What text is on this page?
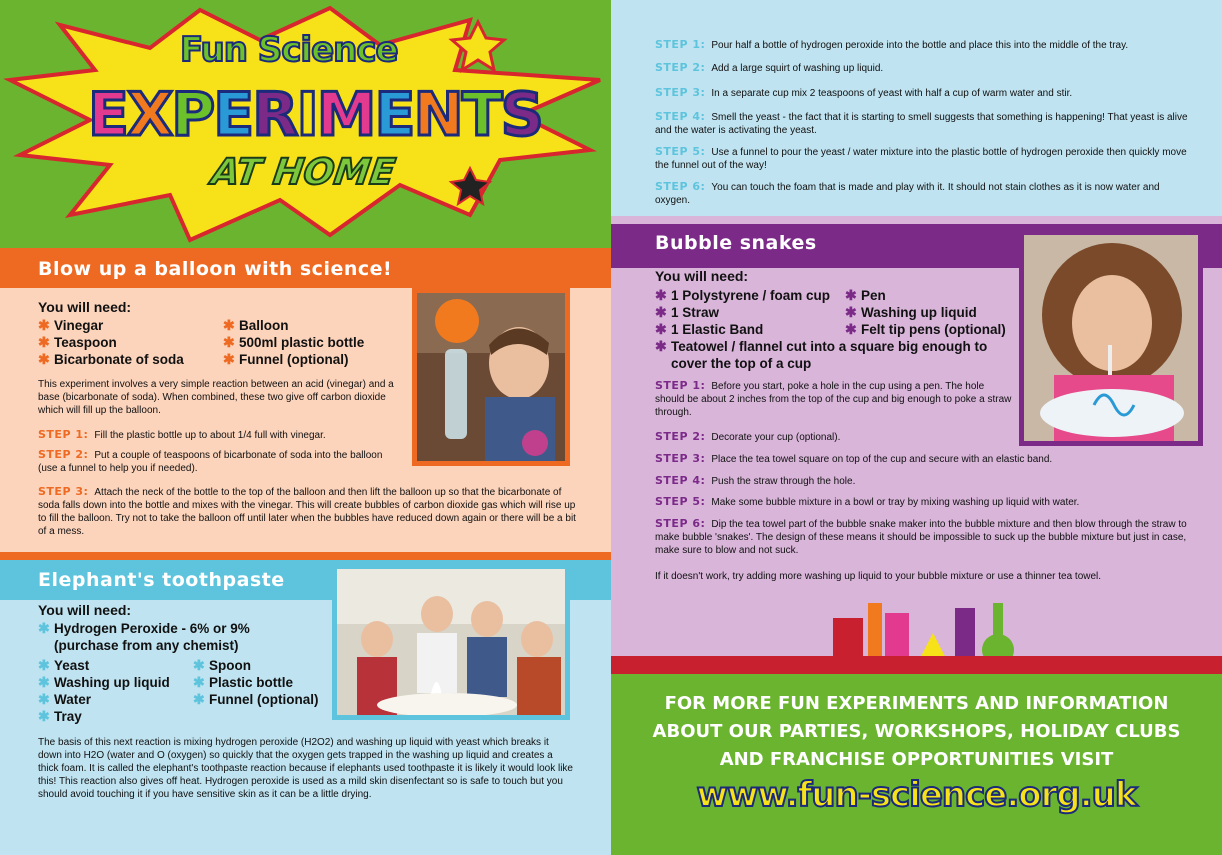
Fun Science
EXPERIMENTS
AT HOME
Blow up a balloon with science!
You will need:
✱ Vinegar
✱ Teaspoon
✱ Bicarbonate of soda
✱ Balloon
✱ 500ml plastic bottle
✱ Funnel (optional)
This experiment involves a very simple reaction between an acid (vinegar) and a base (bicarbonate of soda). When combined, these two give off carbon dioxide which will fill up the balloon.
STEP 1: Fill the plastic bottle up to about 1/4 full with vinegar.
STEP 2: Put a couple of teaspoons of bicarbonate of soda into the balloon (use a funnel to help you if needed).
STEP 3: Attach the neck of the bottle to the top of the balloon and then lift the balloon up so that the bicarbonate of soda falls down into the bottle and mixes with the vinegar. This will create bubbles of carbon dioxide gas which will rise up to fill the balloon. Try not to take the balloon off until later when the bubbles have reduced down again or there will be a bit of a mess.
Elephant's toothpaste
You will need:
✱ Hydrogen Peroxide - 6% or 9% (purchase from any chemist)
✱ Yeast
✱ Washing up liquid
✱ Water
✱ Tray
✱ Spoon
✱ Plastic bottle
✱ Funnel (optional)
The basis of this next reaction is mixing hydrogen peroxide (H2O2) and washing up liquid with yeast which breaks it down into H2O (water and O (oxygen) so quickly that the oxygen gets trapped in the washing up liquid and creates a thick foam. It is called the elephant's toothpaste reaction because if elephants used toothpaste it is likely it would look like this! This reaction also gives off heat. Hydrogen peroxide is used as a mild skin disenfectant so is safe to touch but you should avoid touching it if you have sensitive skin as it can be a little drying.
STEP 1: Pour half a bottle of hydrogen peroxide into the bottle and place this into the middle of the tray.
STEP 2: Add a large squirt of washing up liquid.
STEP 3: In a separate cup mix 2 teaspoons of yeast with half a cup of warm water and stir.
STEP 4: Smell the yeast - the fact that it is starting to smell suggests that something is happening! That yeast is alive and the water is activating the yeast.
STEP 5: Use a funnel to pour the yeast / water mixture into the plastic bottle of hydrogen peroxide then quickly move the funnel out of the way!
STEP 6: You can touch the foam that is made and play with it. It should not stain clothes as it is now water and oxygen.
Bubble snakes
You will need:
✱ 1 Polystyrene / foam cup
✱ 1 Straw
✱ 1 Elastic Band
✱ Pen
✱ Washing up liquid
✱ Felt tip pens (optional)
✱ Teatowel / flannel cut into a square big enough to cover the top of a cup
STEP 1: Before you start, poke a hole in the cup using a pen. The hole should be about 2 inches from the top of the cup and big enough to poke a straw through.
STEP 2: Decorate your cup (optional).
STEP 3: Place the tea towel square on top of the cup and secure with an elastic band.
STEP 4: Push the straw through the hole.
STEP 5: Make some bubble mixture in a bowl or tray by mixing washing up liquid with water.
STEP 6: Dip the tea towel part of the bubble snake maker into the bubble mixture and then blow through the straw to make bubble 'snakes'. The design of these means it should be impossible to suck up the bubble mixture but just in case, make sure to blow and not suck.
If it doesn't work, try adding more washing up liquid to your bubble mixture or use a thinner tea towel.
FOR MORE FUN EXPERIMENTS AND INFORMATION ABOUT OUR PARTIES, WORKSHOPS, HOLIDAY CLUBS AND FRANCHISE OPPORTUNITIES VISIT
www.fun-science.org.uk
